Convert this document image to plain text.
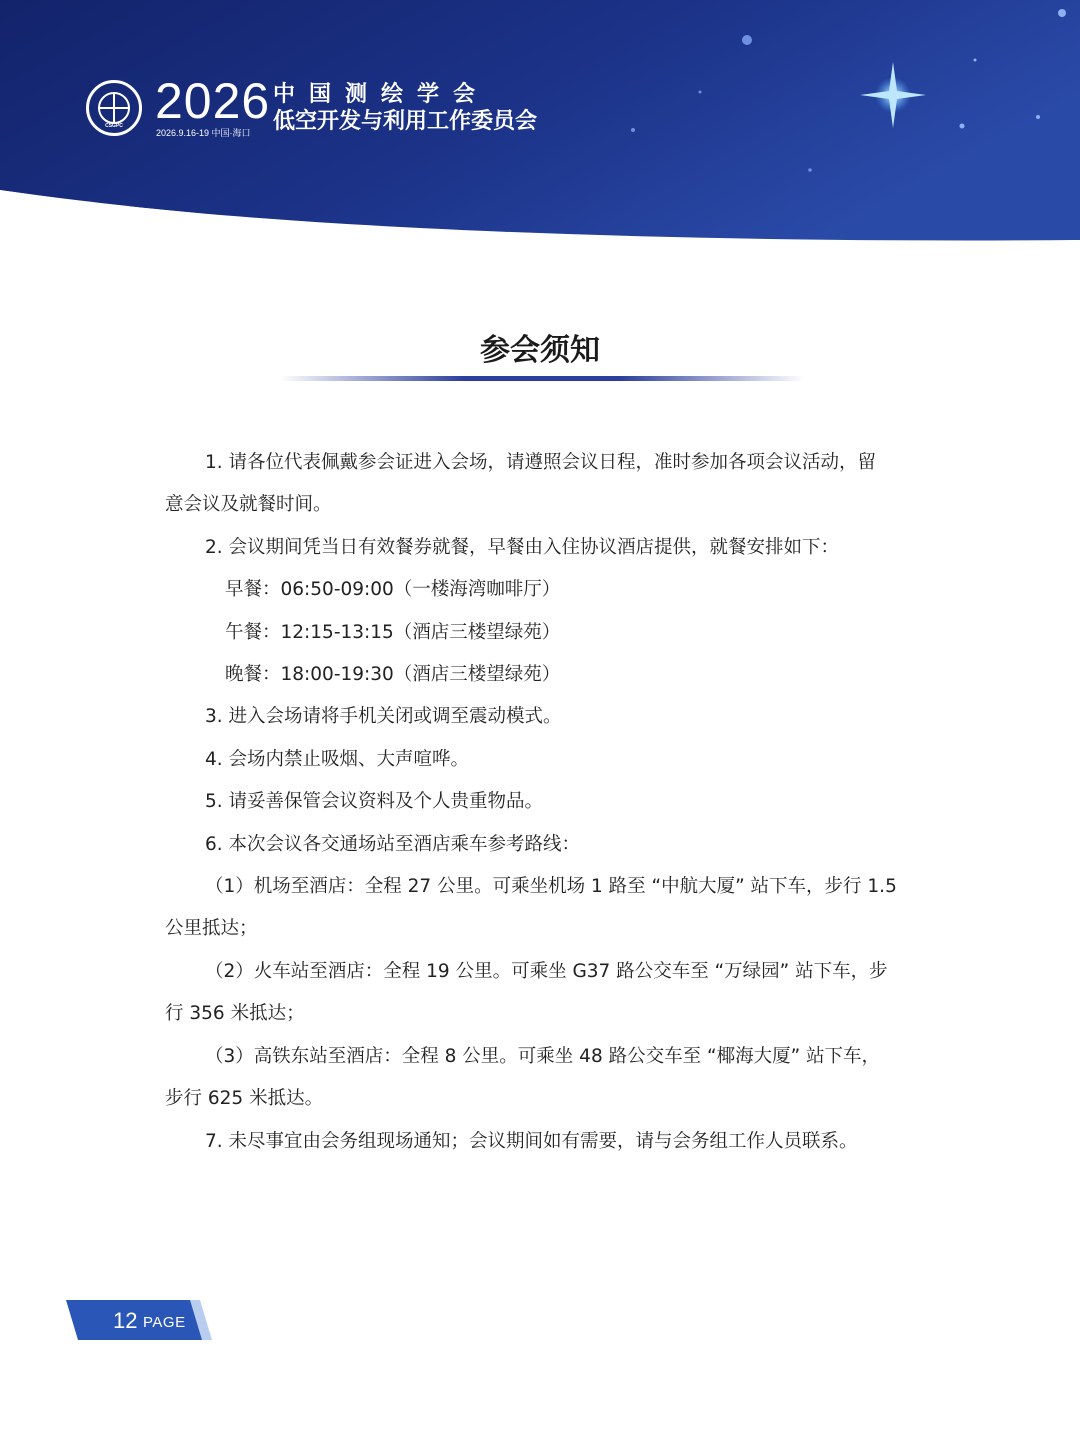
CSGPC 2026
2026.9.16-19 中国·海口
中国测绘学会
低空开发与利用工作委员会
参会须知

1. 请各位代表佩戴参会证进入会场，请遵照会议日程，准时参加各项会议活动，留

意会议及就餐时间。

2. 会议期间凭当日有效餐券就餐，早餐由入住协议酒店提供，就餐安排如下：

早餐：06:50-09:00（一楼海湾咖啡厅）

午餐：12:15-13:15（酒店三楼望绿苑）

晚餐：18:00-19:30（酒店三楼望绿苑）

3. 进入会场请将手机关闭或调至震动模式。

4. 会场内禁止吸烟、大声喧哗。

5. 请妥善保管会议资料及个人贵重物品。

6. 本次会议各交通场站至酒店乘车参考路线：

（1）机场至酒店：全程 27 公里。可乘坐机场 1 路至 “中航大厦” 站下车，步行 1.5

公里抵达；

（2）火车站至酒店：全程 19 公里。可乘坐 G37 路公交车至 “万绿园” 站下车，步

行 356 米抵达；

（3）高铁东站至酒店：全程 8 公里。可乘坐 48 路公交车至 “椰海大厦” 站下车，

步行 625 米抵达。

7. 未尽事宜由会务组现场通知；会议期间如有需要，请与会务组工作人员联系。

12 PAGE
